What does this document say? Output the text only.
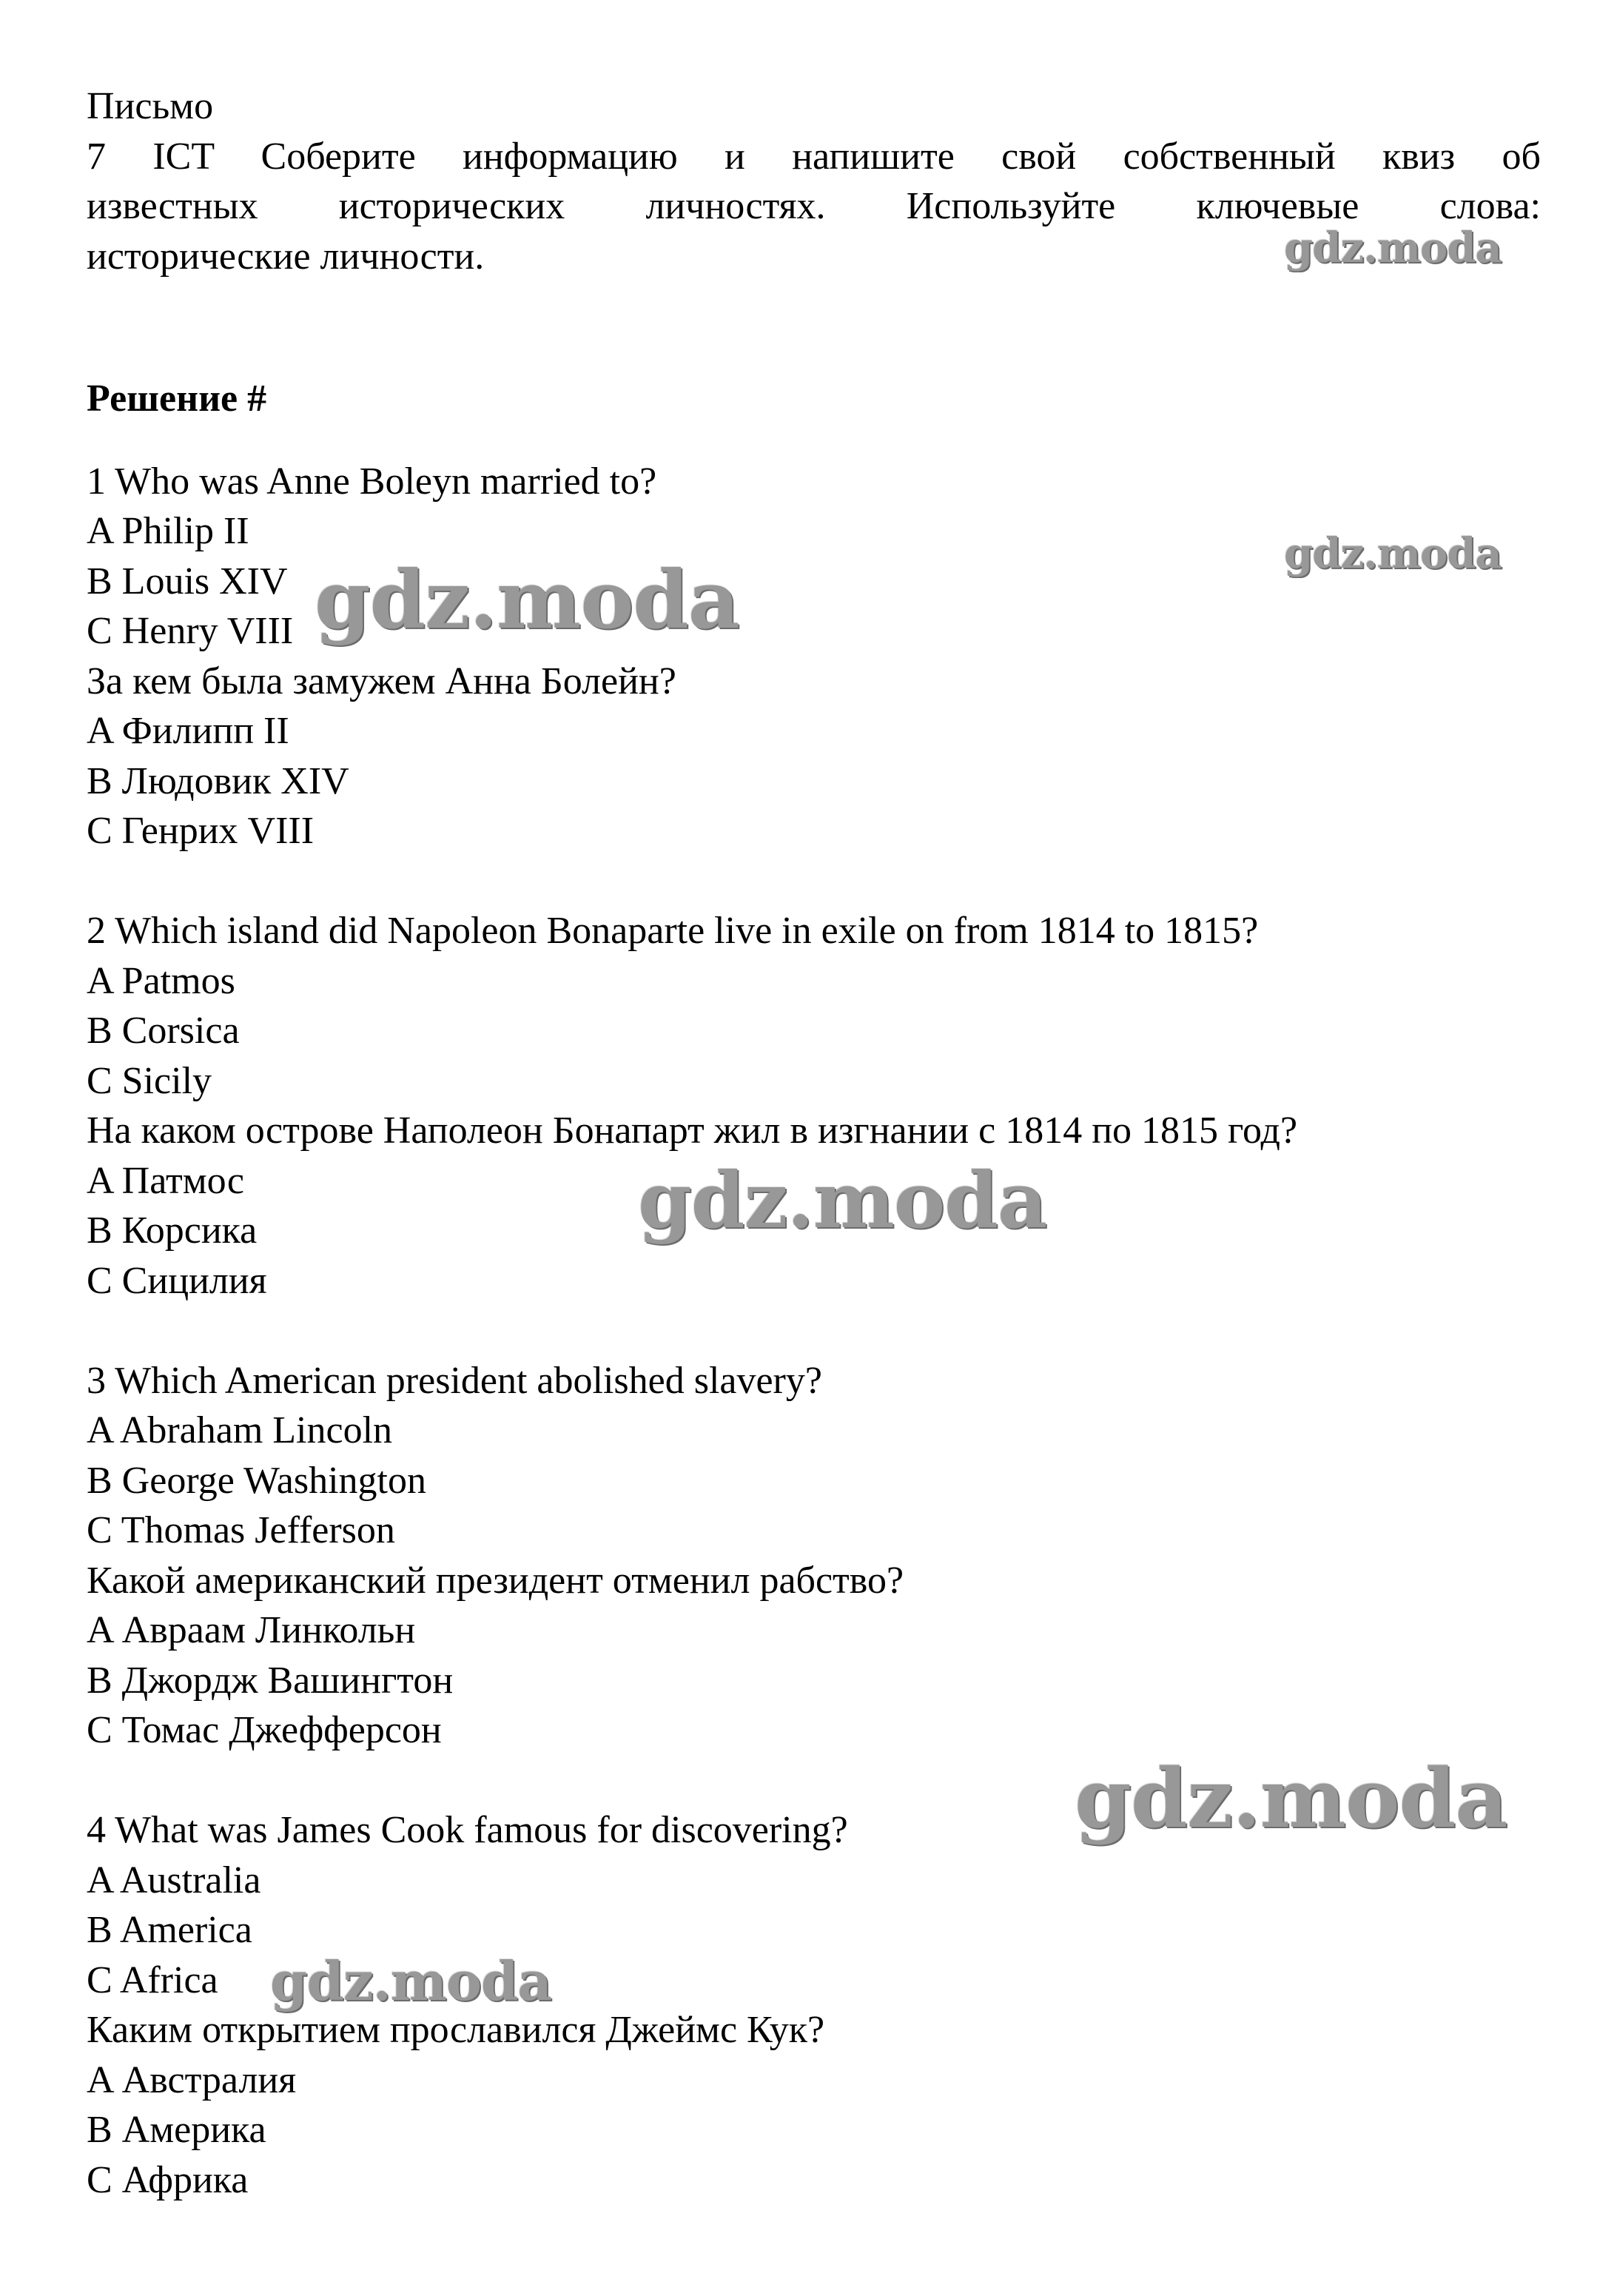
Письмо
7 ICT Соберите информацию и напишите свой собственный квиз об
известных исторических личностях. Используйте ключевые слова:
исторические личности.
Решение #
1 Who was Anne Boleyn married to?
A Philip II
B Louis XIV
C Henry VIII
За кем была замужем Анна Болейн?
A Филипп II
B Людовик XIV
C Генрих VIII
2 Which island did Napoleon Bonaparte live in exile on from 1814 to 1815?
A Patmos
B Corsica
C Sicily
На каком острове Наполеон Бонапарт жил в изгнании с 1814 по 1815 год?
A Патмос
B Корсика
C Сицилия
3 Which American president abolished slavery?
A Abraham Lincoln
B George Washington
C Thomas Jefferson
Какой американский президент отменил рабство?
A Авраам Линкольн
B Джордж Вашингтон
C Томас Джефферсон
4 What was James Cook famous for discovering?
A Australia
B America
C Africa
Каким открытием прославился Джеймс Кук?
A Австралия
B Америка
C Африка
gdz.moda
gdz.moda
gdz.moda
gdz.moda
gdz.moda
gdz.moda
